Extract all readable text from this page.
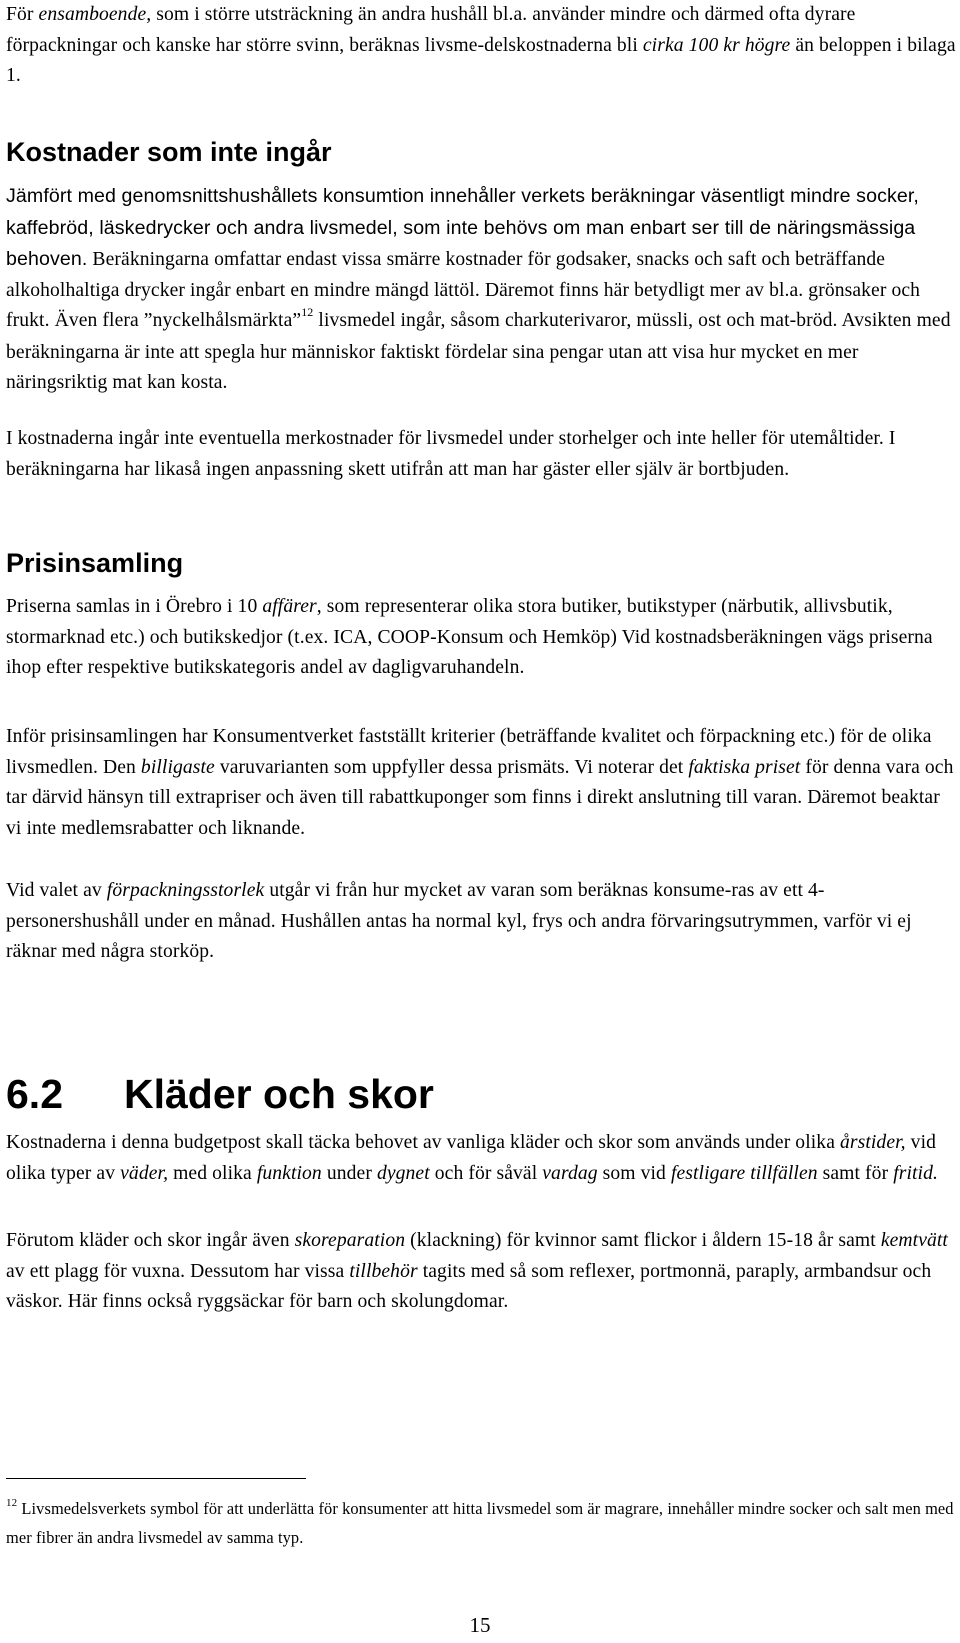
För ensamboende, som i större utsträckning än andra hushåll bl.a. använder mindre och därmed ofta dyrare förpackningar och kanske har större svinn, beräknas livsme-delskostnaderna bli cirka 100 kr högre än beloppen i bilaga 1.

Kostnader som inte ingår

Jämfört med genomsnittshushållets konsumtion innehåller verkets beräkningar väsentligt mindre socker, kaffebröd, läskedrycker och andra livsmedel, som inte behövs om man enbart ser till de näringsmässiga behoven. Beräkningarna omfattar endast vissa smärre kostnader för godsaker, snacks och saft och beträffande alkoholhaltiga drycker ingår enbart en mindre mängd lättöl. Däremot finns här betydligt mer av bl.a. grönsaker och frukt. Även flera ”nyckelhålsmärkta”$^{12}$ livsmedel ingår, såsom charkuterivaror, müssli, ost och mat-bröd. Avsikten med beräkningarna är inte att spegla hur människor faktiskt fördelar sina pengar utan att visa hur mycket en mer näringsriktig mat kan kosta.

I kostnaderna ingår inte eventuella merkostnader för livsmedel under storhelger och inte heller för utemåltider. I beräkningarna har likaså ingen anpassning skett utifrån att man har gäster eller själv är bortbjuden.

Prisinsamling

Priserna samlas in i Örebro i 10 affärer, som representerar olika stora butiker, butikstyper (närbutik, allivsbutik, stormarknad etc.) och butikskedjor (t.ex. ICA, COOP-Konsum och Hemköp) Vid kostnadsberäkningen vägs priserna ihop efter respektive butikskategoris andel av dagligvaruhandeln.

Inför prisinsamlingen har Konsumentverket fastställt kriterier (beträffande kvalitet och förpackning etc.) för de olika livsmedlen. Den billigaste varuvarianten som uppfyller dessa prismäts. Vi noterar det faktiska priset för denna vara och tar därvid hänsyn till extrapriser och även till rabattkuponger som finns i direkt anslutning till varan. Däremot beaktar vi inte medlemsrabatter och liknande.

Vid valet av förpackningsstorlek utgår vi från hur mycket av varan som beräknas konsume-ras av ett 4-personershushåll under en månad. Hushållen antas ha normal kyl, frys och andra förvaringsutrymmen, varför vi ej räknar med några storköp.

6.2 Kläder och skor

Kostnaderna i denna budgetpost skall täcka behovet av vanliga kläder och skor som används under olika årstider, vid olika typer av väder, med olika funktion under dygnet och för såväl vardag som vid festligare tillfällen samt för fritid.

Förutom kläder och skor ingår även skoreparation (klackning) för kvinnor samt flickor i åldern 15-18 år samt kemtvätt av ett plagg för vuxna. Dessutom har vissa tillbehör tagits med så som reflexer, portmonnä, paraply, armbandsur och väskor. Här finns också ryggsäckar för barn och skolungdomar.

$^{12}$ Livsmedelsverkets symbol för att underlätta för konsumenter att hitta livsmedel som är magrare, innehåller mindre socker och salt men med mer fibrer än andra livsmedel av samma typ.

15
